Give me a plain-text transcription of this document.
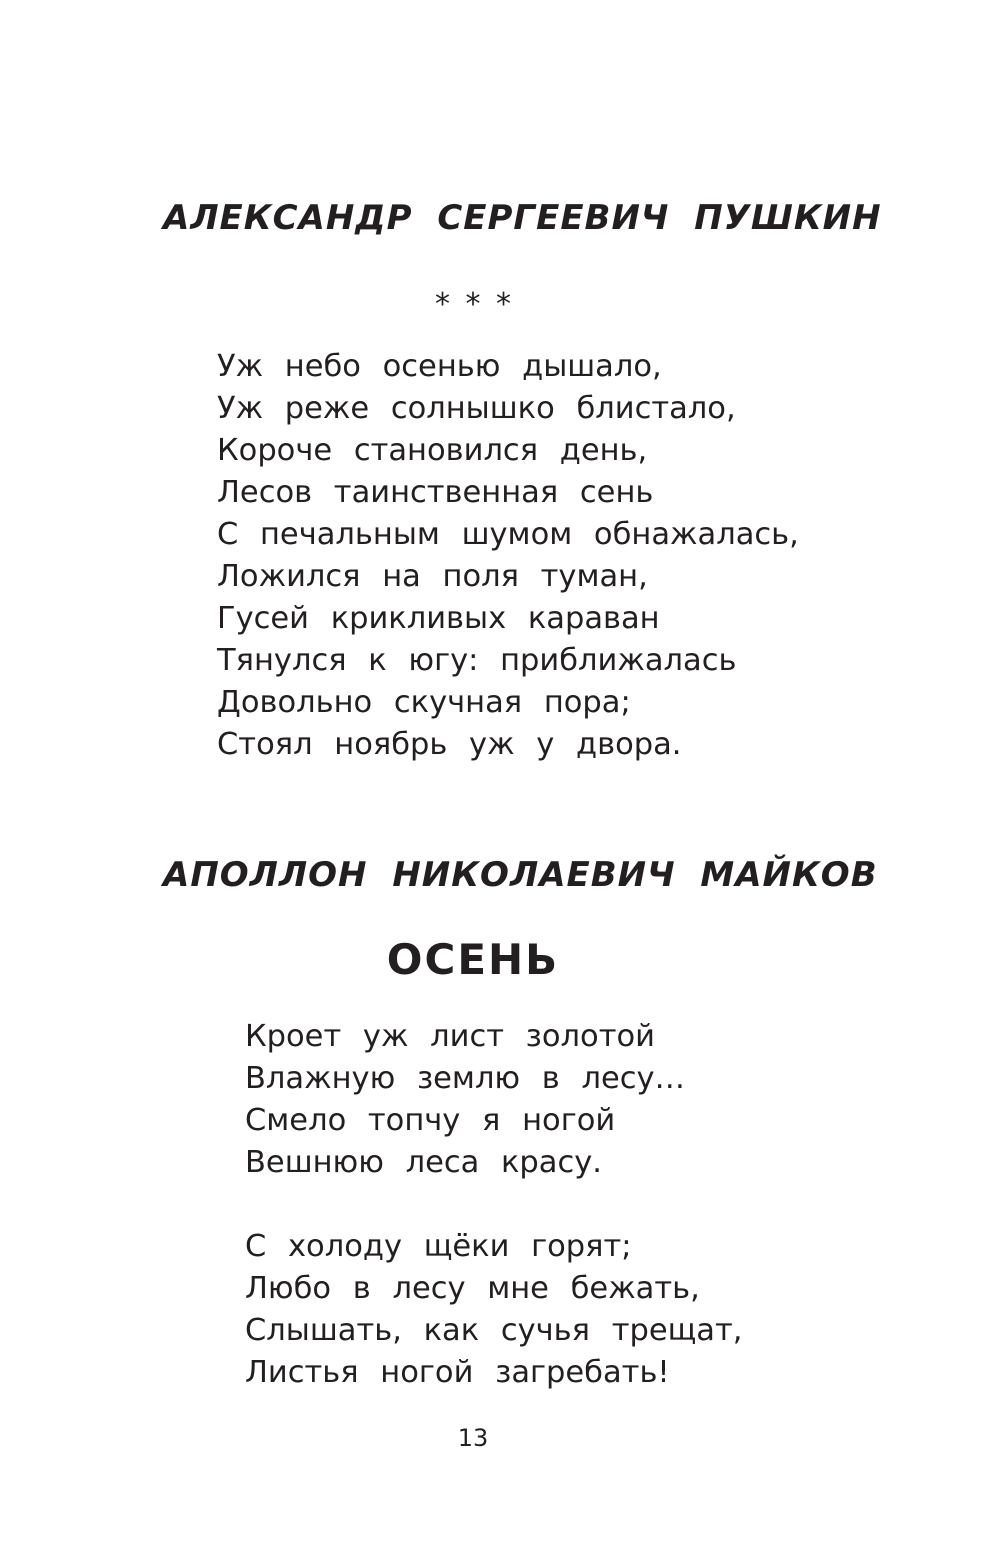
АЛЕКСАНДР СЕРГЕЕВИЧ ПУШКИН
* * *
Уж небо осенью дышало,
Уж реже солнышко блистало,
Короче становился день,
Лесов таинственная сень
С печальным шумом обнажалась,
Ложился на поля туман,
Гусей крикливых караван
Тянулся к югу: приближалась
Довольно скучная пора;
Стоял ноябрь уж у двора.
АПОЛЛОН НИКОЛАЕВИЧ МАЙКОВ
ОСЕНЬ
Кроет уж лист золотой
Влажную землю в лесу…
Смело топчу я ногой
Вешнюю леса красу.
С холоду щёки горят;
Любо в лесу мне бежать,
Слышать, как сучья трещат,
Листья ногой загребать!
13
